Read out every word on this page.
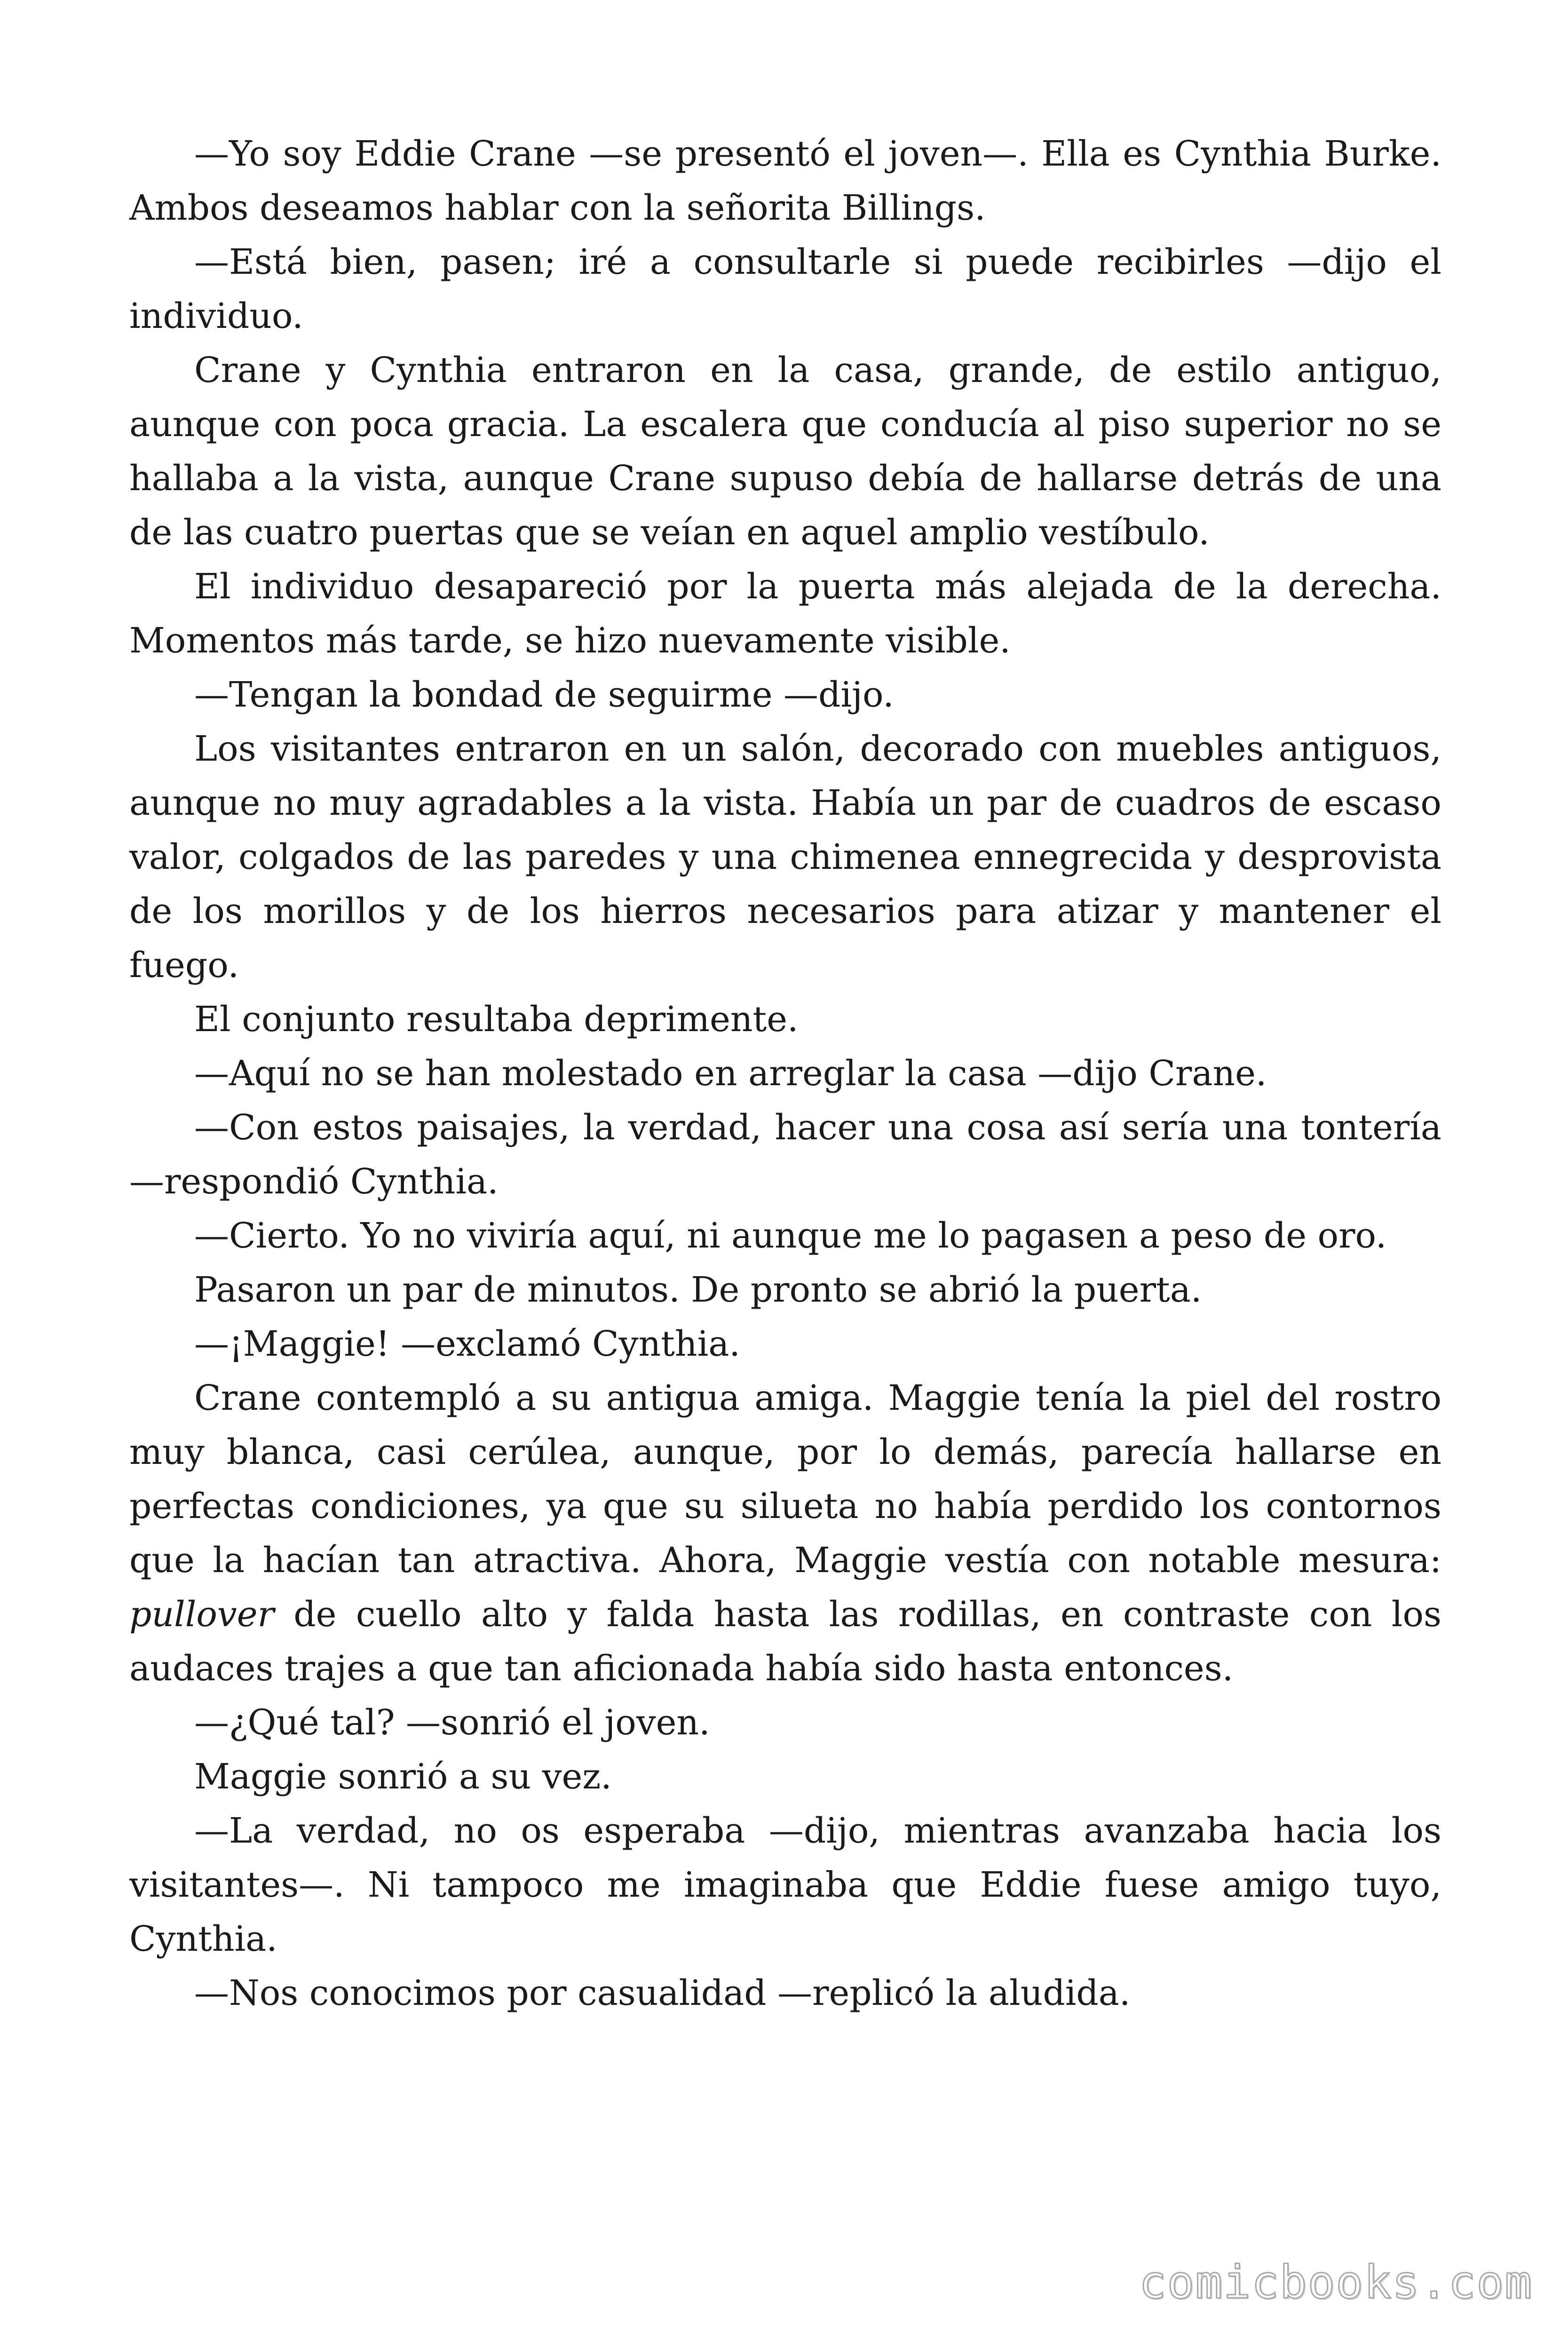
—Yo soy Eddie Crane —se presentó el joven—. Ella es Cynthia Burke. Ambos deseamos hablar con la señorita Billings.

—Está bien, pasen; iré a consultarle si puede recibirles —dijo el individuo.

Crane y Cynthia entraron en la casa, grande, de estilo antiguo, aunque con poca gracia. La escalera que conducía al piso superior no se hallaba a la vista, aunque Crane supuso debía de hallarse detrás de una de las cuatro puertas que se veían en aquel amplio vestíbulo.

El individuo desapareció por la puerta más alejada de la derecha. Momentos más tarde, se hizo nuevamente visible.

—Tengan la bondad de seguirme —dijo.

Los visitantes entraron en un salón, decorado con muebles antiguos, aunque no muy agradables a la vista. Había un par de cuadros de escaso valor, colgados de las paredes y una chimenea ennegrecida y desprovista de los morillos y de los hierros necesarios para atizar y mantener el fuego.

El conjunto resultaba deprimente.

—Aquí no se han molestado en arreglar la casa —dijo Crane.

—Con estos paisajes, la verdad, hacer una cosa así sería una tontería —respondió Cynthia.

—Cierto. Yo no viviría aquí, ni aunque me lo pagasen a peso de oro.

Pasaron un par de minutos. De pronto se abrió la puerta.

—¡Maggie! —exclamó Cynthia.

Crane contempló a su antigua amiga. Maggie tenía la piel del rostro muy blanca, casi cerúlea, aunque, por lo demás, parecía hallarse en perfectas condiciones, ya que su silueta no había perdido los contornos que la hacían tan atractiva. Ahora, Maggie vestía con notable mesura: pullover de cuello alto y falda hasta las rodillas, en contraste con los audaces trajes a que tan aficionada había sido hasta entonces.

—¿Qué tal? —sonrió el joven.

Maggie sonrió a su vez.

—La verdad, no os esperaba —dijo, mientras avanzaba hacia los visitantes—. Ni tampoco me imaginaba que Eddie fuese amigo tuyo, Cynthia.

—Nos conocimos por casualidad —replicó la aludida.

comicbooks.com
